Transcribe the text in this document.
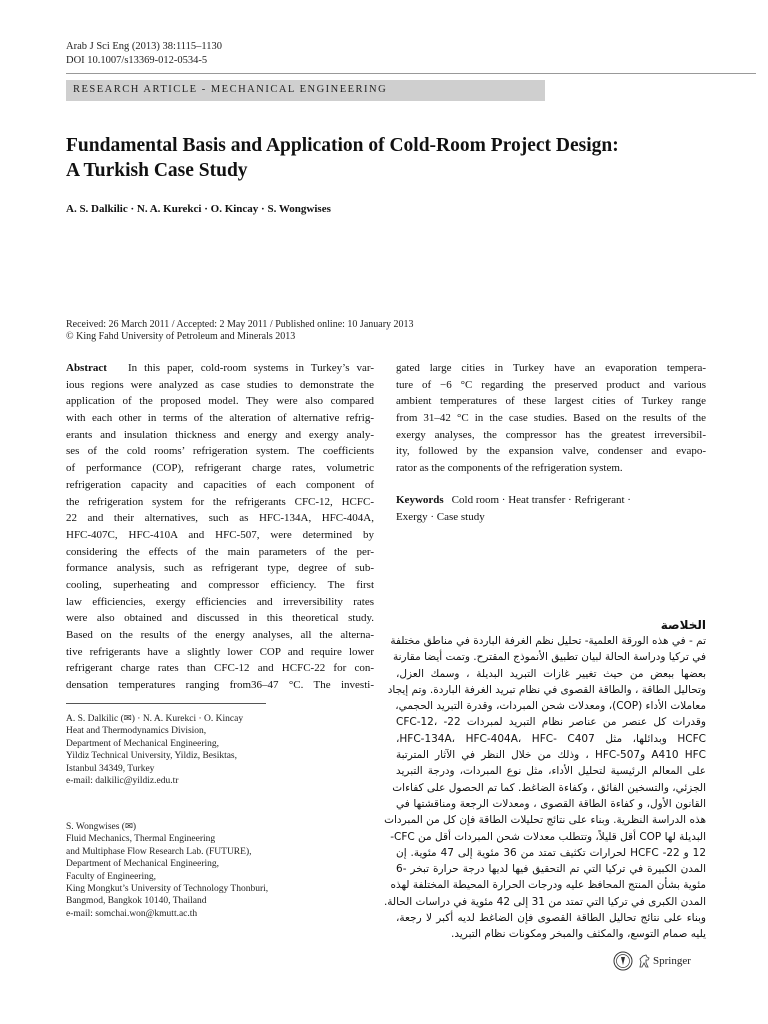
Arab J Sci Eng (2013) 38:1115–1130
DOI 10.1007/s13369-012-0534-5
RESEARCH ARTICLE - MECHANICAL ENGINEERING
Fundamental Basis and Application of Cold-Room Project Design:
A Turkish Case Study
A. S. Dalkilic · N. A. Kurekci · O. Kincay · S. Wongwises
Received: 26 March 2011 / Accepted: 2 May 2011 / Published online: 10 January 2013
© King Fahd University of Petroleum and Minerals 2013
Abstract In this paper, cold-room systems in Turkey’s var-
ious regions were analyzed as case studies to demonstrate the
application of the proposed model. They were also compared
with each other in terms of the alteration of alternative refrig-
erants and insulation thickness and energy and exergy analy-
ses of the cold rooms’ refrigeration system. The coefficients
of performance (COP), refrigerant charge rates, volumetric
refrigeration capacity and capacities of each component of
the refrigeration system for the refrigerants CFC-12, HCFC-
22 and their alternatives, such as HFC-134A, HFC-404A,
HFC-407C, HFC-410A and HFC-507, were determined by
considering the effects of the main parameters of the per-
formance analysis, such as refrigerant type, degree of sub-
cooling, superheating and compressor efficiency. The first
law efficiencies, exergy efficiencies and irreversibility rates
were also obtained and discussed in this theoretical study.
Based on the results of the energy analyses, all the alterna-
tive refrigerants have a slightly lower COP and require lower
refrigerant charge rates than CFC-12 and HCFC-22 for con-
densation temperatures ranging from36–47 °C. The investi-
gated large cities in Turkey have an evaporation tempera-
ture of −6 °C regarding the preserved product and various
ambient temperatures of these largest cities of Turkey range
from 31–42 °C in the case studies. Based on the results of the
exergy analyses, the compressor has the greatest irreversibil-
ity, followed by the expansion valve, condenser and evapo-
rator as the components of the refrigeration system.
Keywords Cold room · Heat transfer · Refrigerant ·
Exergy · Case study
الخلاصة
تم - في هذه الورقة العلمية- تحليل نظم الغرفة الباردة في مناطق مختلفة
في تركيا ودراسة الحالة لبيان تطبيق الأنموذج المقترح. وتمت أيضا مقارنة
بعضها ببعض من حيث تغيير غازات التبريد البديلة ، وسمك العزل،
وتحاليل الطاقة ، والطاقة القصوى في نظام تبريد الغرفة الباردة. وتم إيجاد
معاملات الأداء (COP)، ومعدلات شحن المبردات، وقدرة التبريد الحجمي،
وقدرات كل عنصر من عناصر نظام التبريد لمبردات CFC-12، -22
HCFC وبدائلها، مثل HFC-134A، HFC-404A، HFC- C407،
A410 HFC و507-HFC ، وذلك من خلال النظر في الآثار المترتبة
على المعالم الرئيسية لتحليل الأداء، مثل نوع المبردات، ودرجة التبريد
الجزئي، والتسخين الفائق ، وكفاءة الضاغط. كما تم الحصول على كفاءات
القانون الأول، و كفاءة الطاقة القصوى ، ومعدلات الرجعة ومناقشتها في
هذه الدراسة النظرية. وبناء على نتائج تحليلات الطاقة فإن كل من المبردات
البديلة لها COP أقل قليلاً، وتتطلب معدلات شحن المبردات أقل من CFC-
12 و HCFC -22 لحرارات تكثيف تمتد من 36 مئوية إلى 47 مئوية. إن
المدن الكبيرة في تركيا التي تم التحقيق فيها لديها درجة حرارة تبخر -6
مئوية بشأن المنتج المحافظ عليه ودرجات الحرارة المحيطة المختلفة لهذه
المدن الكبرى في تركيا التي تمتد من 31 إلى 42 مئوية في دراسات الحالة.
وبناء على نتائج تحاليل الطاقة القصوى فإن الضاغط لديه أكبر لا رجعة،
يليه صمام التوسع، والمكثف والمبخر ومكونات نظام التبريد.
A. S. Dalkilic (✉) · N. A. Kurekci · O. Kincay
Heat and Thermodynamics Division,
Department of Mechanical Engineering,
Yildiz Technical University, Yildiz, Besiktas,
Istanbul 34349, Turkey
e-mail: dalkilic@yildiz.edu.tr
S. Wongwises (✉)
Fluid Mechanics, Thermal Engineering
and Multiphase Flow Research Lab. (FUTURE),
Department of Mechanical Engineering,
Faculty of Engineering,
King Mongkut’s University of Technology Thonburi,
Bangmod, Bangkok 10140, Thailand
e-mail: somchai.won@kmutt.ac.th
Springer
